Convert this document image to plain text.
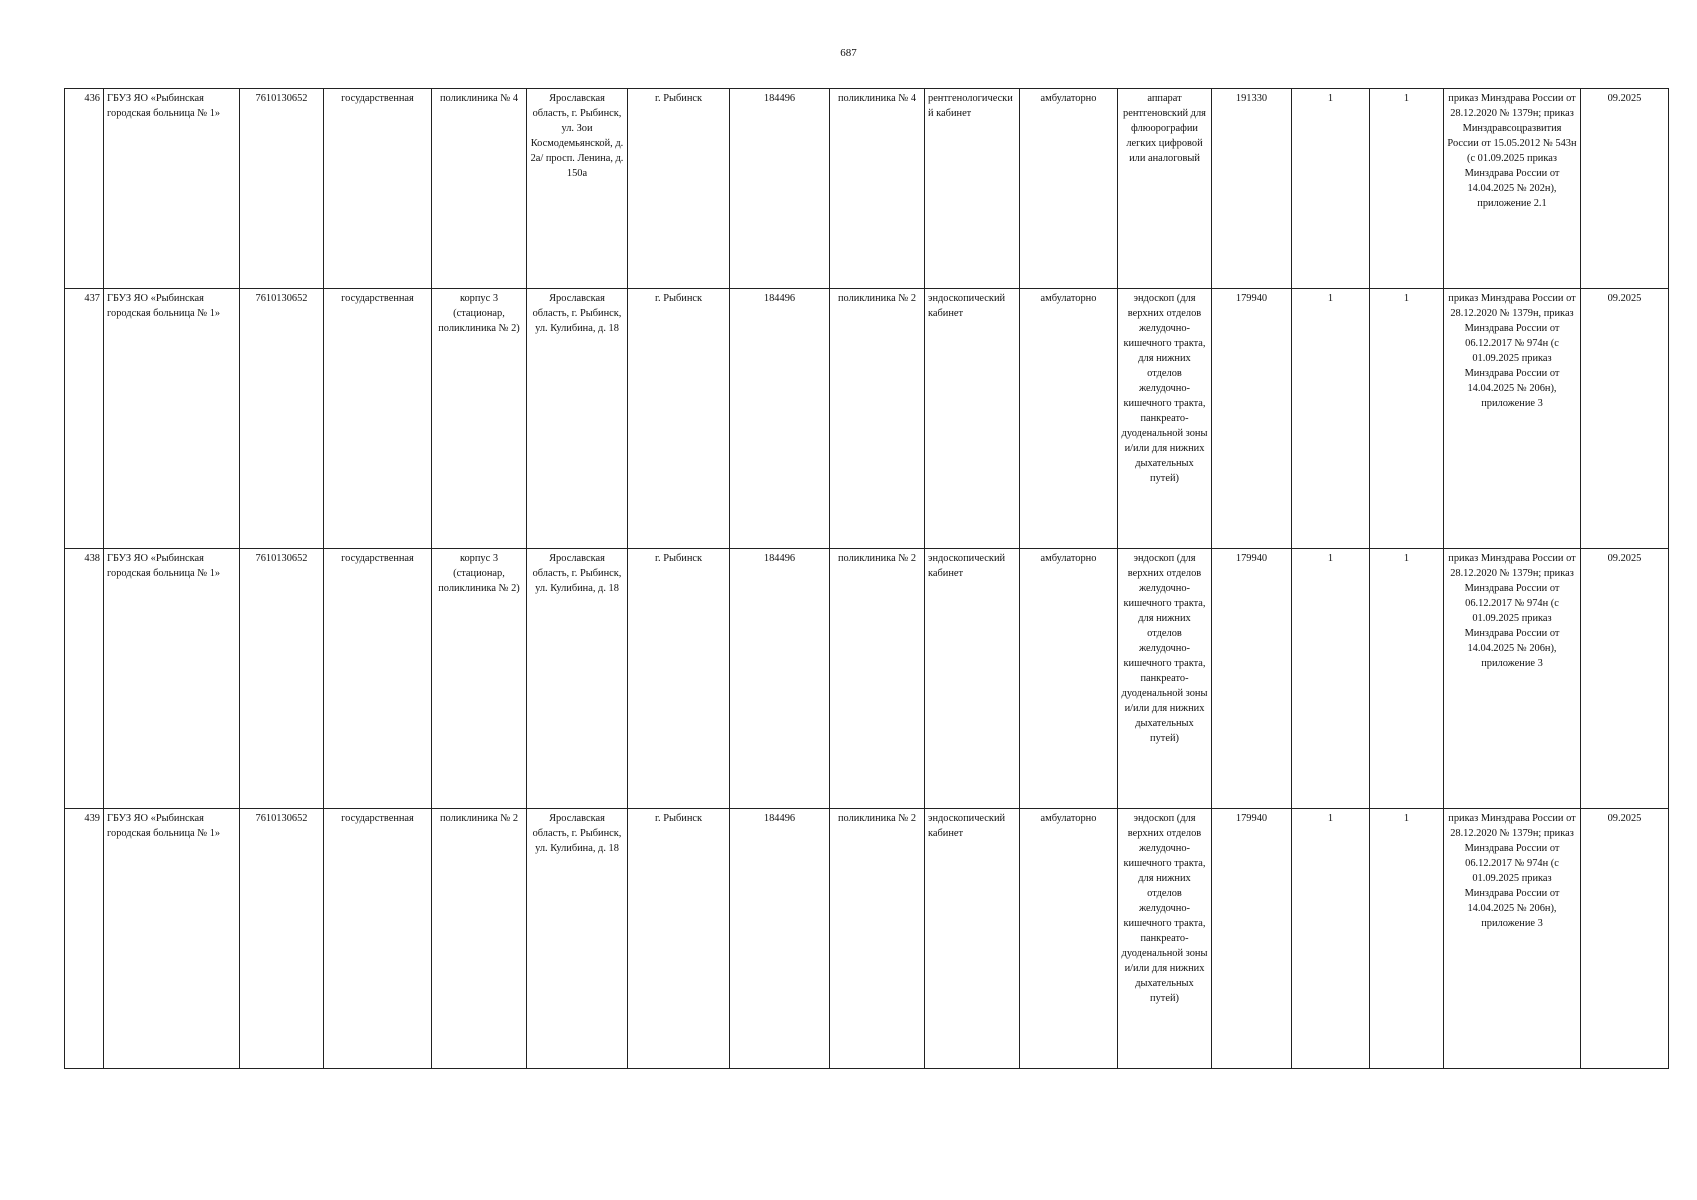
687
436	ГБУЗ ЯО «Рыбинская городская больница № 1»	7610130652	государственная	поликлиника № 4	Ярославская область, г. Рыбинск, ул. Зои Космодемьянской, д. 2а/ просп. Ленина, д. 150а	г. Рыбинск	184496	поликлиника № 4	рентгенологический кабинет	амбулаторно	аппарат рентгеновский для флюорографии легких цифровой или аналоговый	191330	1	1	приказ Минздрава России от 28.12.2020 № 1379н; приказ Минздравсоцразвития России от 15.05.2012 № 543н (с 01.09.2025 приказ Минздрава России от 14.04.2025 № 202н), приложение 2.1	09.2025
437	ГБУЗ ЯО «Рыбинская городская больница № 1»	7610130652	государственная	корпус 3 (стационар, поликлиника № 2)	Ярославская область, г. Рыбинск, ул. Кулибина, д. 18	г. Рыбинск	184496	поликлиника № 2	эндоскопический кабинет	амбулаторно	эндоскоп (для верхних отделов желудочно-кишечного тракта, для нижних отделов желудочно-кишечного тракта, панкреато-дуоденальной зоны и/или для нижних дыхательных путей)	179940	1	1	приказ Минздрава России от 28.12.2020 № 1379н, приказ Минздрава России от 06.12.2017 № 974н (с 01.09.2025 приказ Минздрава России от 14.04.2025 № 206н), приложение 3	09.2025
438	ГБУЗ ЯО «Рыбинская городская больница № 1»	7610130652	государственная	корпус 3 (стационар, поликлиника № 2)	Ярославская область, г. Рыбинск, ул. Кулибина, д. 18	г. Рыбинск	184496	поликлиника № 2	эндоскопический кабинет	амбулаторно	эндоскоп (для верхних отделов желудочно-кишечного тракта, для нижних отделов желудочно-кишечного тракта, панкреато-дуоденальной зоны и/или для нижних дыхательных путей)	179940	1	1	приказ Минздрава России от 28.12.2020 № 1379н; приказ Минздрава России от 06.12.2017 № 974н (с 01.09.2025 приказ Минздрава России от 14.04.2025 № 206н), приложение 3	09.2025
439	ГБУЗ ЯО «Рыбинская городская больница № 1»	7610130652	государственная	поликлиника № 2	Ярославская область, г. Рыбинск, ул. Кулибина, д. 18	г. Рыбинск	184496	поликлиника № 2	эндоскопический кабинет	амбулаторно	эндоскоп (для верхних отделов желудочно-кишечного тракта, для нижних отделов желудочно-кишечного тракта, панкреато-дуоденальной зоны и/или для нижних дыхательных путей)	179940	1	1	приказ Минздрава России от 28.12.2020 № 1379н; приказ Минздрава России от 06.12.2017 № 974н (с 01.09.2025 приказ Минздрава России от 14.04.2025 № 206н), приложение 3	09.2025
